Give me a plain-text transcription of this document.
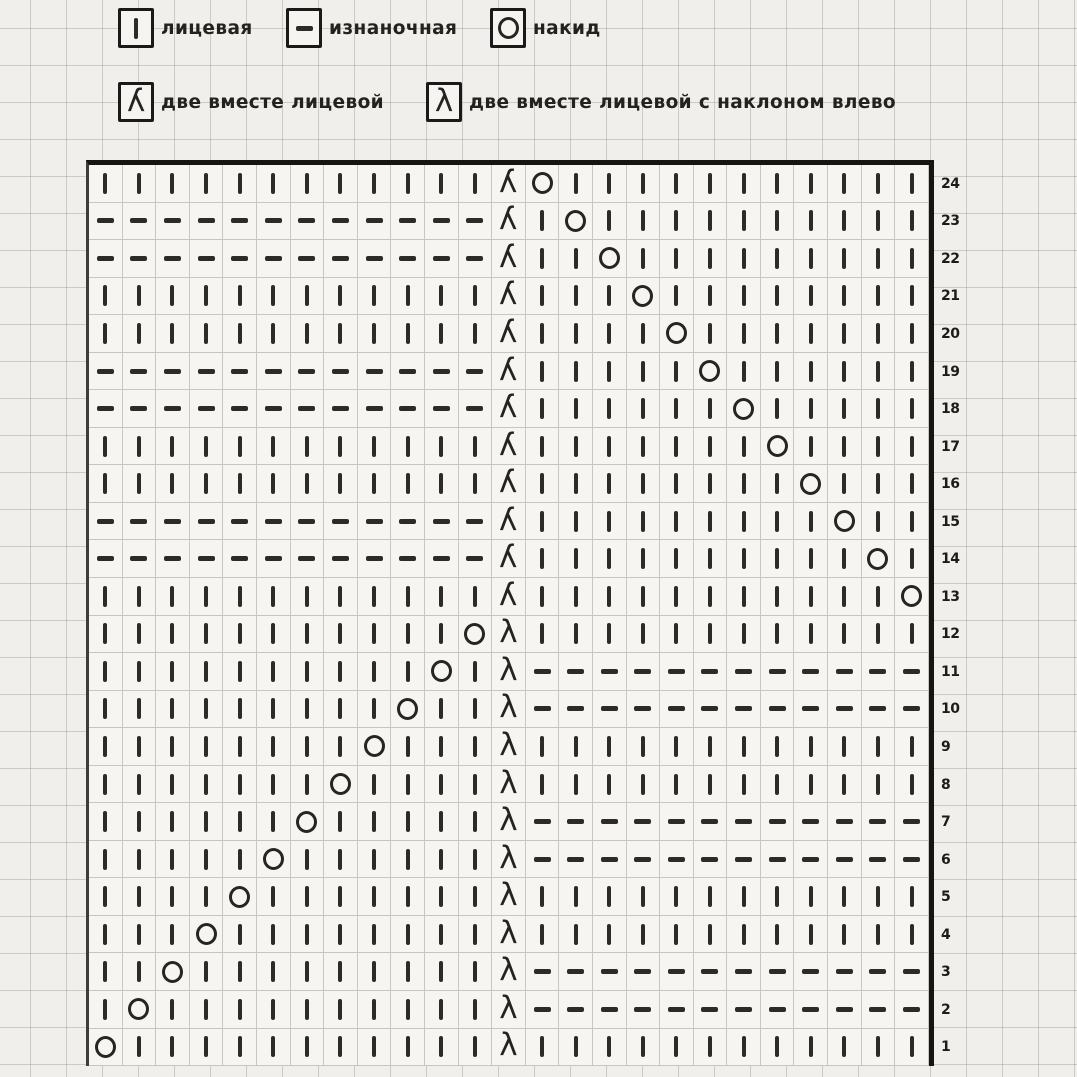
лицевая	изнаночная	накид
λ две вместе лицевой λ две вместе лицевой с наклоном влево
λ
λ
λ
λ
λ
λ
λ
λ
λ
λ
λ
λ
λ
λ
λ
λ
λ
λ
λ
λ
λ
λ
λ
λ
24
23
22
21
20
19
18
17
16
15
14
13
12
11
10
9
8
7
6
5
4
3
2
1
